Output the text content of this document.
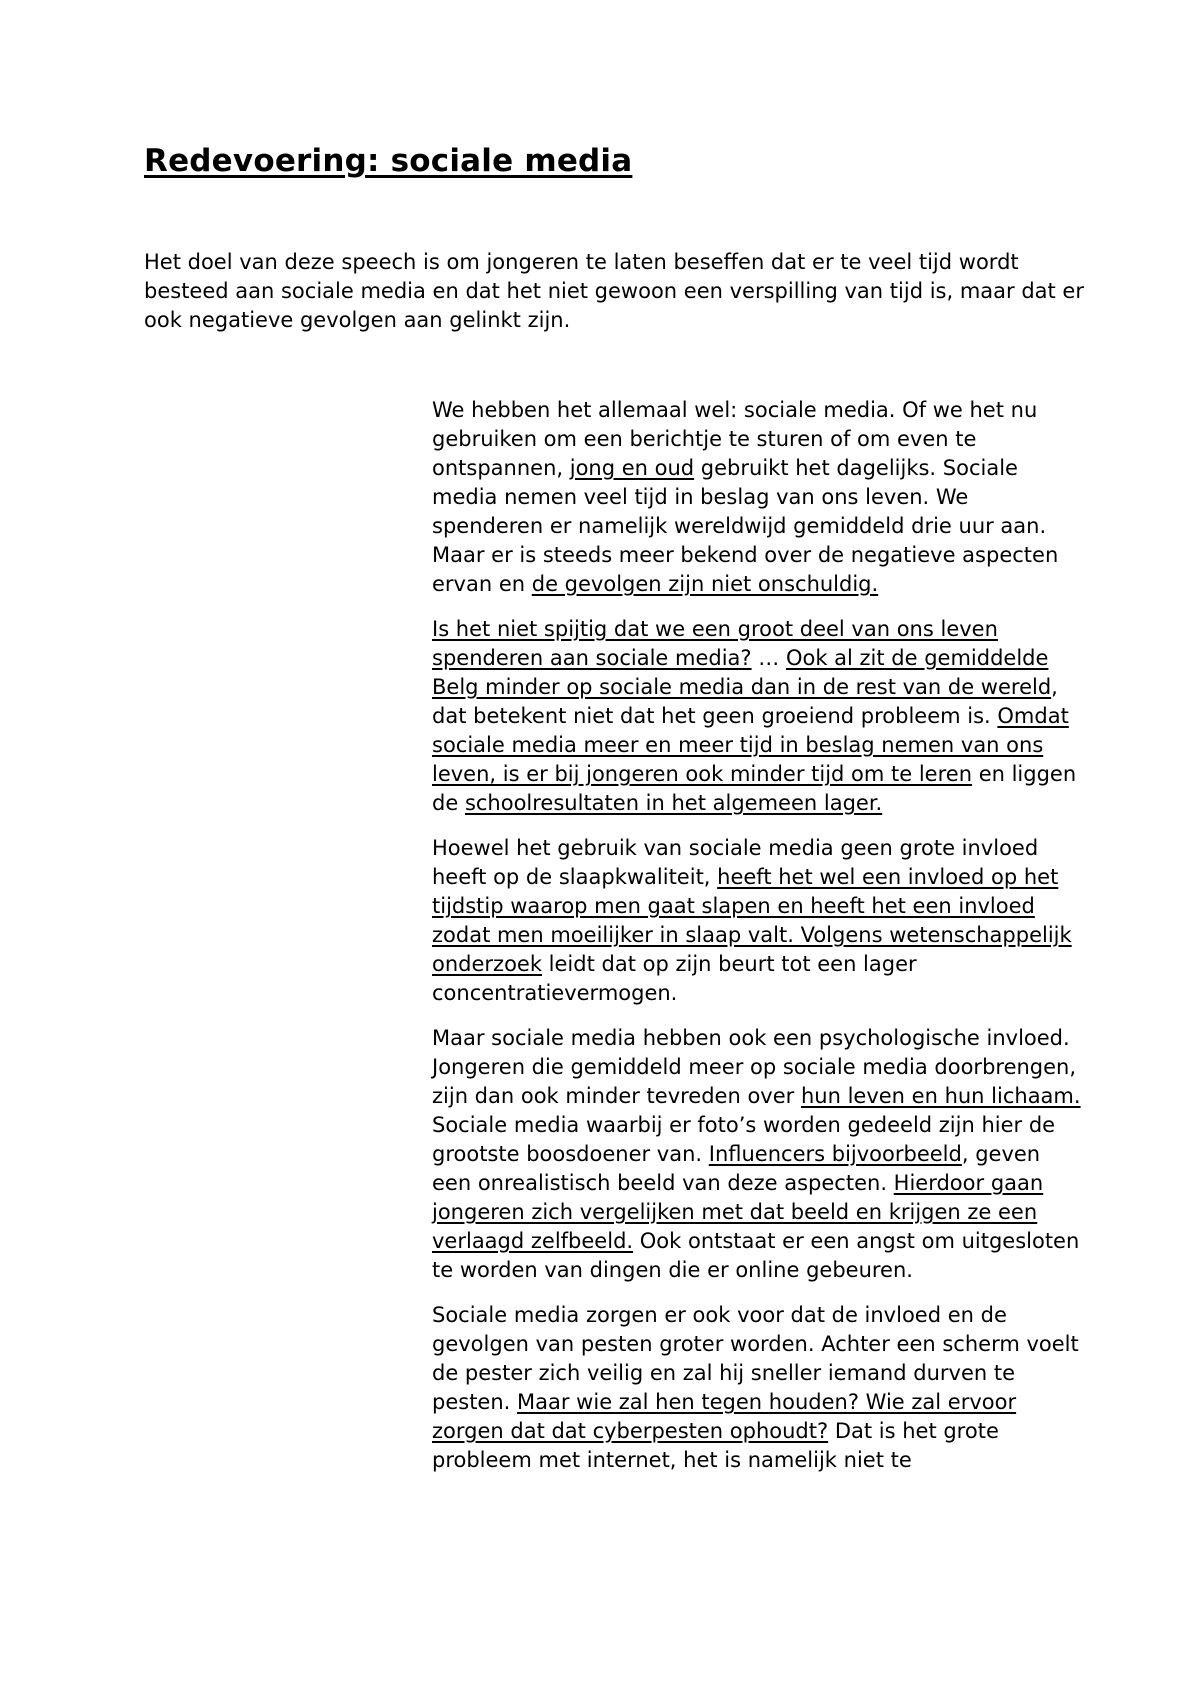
Redevoering: sociale media

Het doel van deze speech is om jongeren te laten beseffen dat er te veel tijd wordt besteed aan sociale media en dat het niet gewoon een verspilling van tijd is, maar dat er ook negatieve gevolgen aan gelinkt zijn.

We hebben het allemaal wel: sociale media. Of we het nu gebruiken om een berichtje te sturen of om even te ontspannen, jong en oud gebruikt het dagelijks. Sociale media nemen veel tijd in beslag van ons leven. We spenderen er namelijk wereldwijd gemiddeld drie uur aan. Maar er is steeds meer bekend over de negatieve aspecten ervan en de gevolgen zijn niet onschuldig.

Is het niet spijtig dat we een groot deel van ons leven spenderen aan sociale media? … Ook al zit de gemiddelde Belg minder op sociale media dan in de rest van de wereld, dat betekent niet dat het geen groeiend probleem is. Omdat sociale media meer en meer tijd in beslag nemen van ons leven, is er bij jongeren ook minder tijd om te leren en liggen de schoolresultaten in het algemeen lager.

Hoewel het gebruik van sociale media geen grote invloed heeft op de slaapkwaliteit, heeft het wel een invloed op het tijdstip waarop men gaat slapen en heeft het een invloed zodat men moeilijker in slaap valt. Volgens wetenschappelijk onderzoek leidt dat op zijn beurt tot een lager concentratievermogen.

Maar sociale media hebben ook een psychologische invloed. Jongeren die gemiddeld meer op sociale media doorbrengen, zijn dan ook minder tevreden over hun leven en hun lichaam. Sociale media waarbij er foto’s worden gedeeld zijn hier de grootste boosdoener van. Influencers bijvoorbeeld, geven een onrealistisch beeld van deze aspecten. Hierdoor gaan jongeren zich vergelijken met dat beeld en krijgen ze een verlaagd zelfbeeld. Ook ontstaat er een angst om uitgesloten te worden van dingen die er online gebeuren.

Sociale media zorgen er ook voor dat de invloed en de gevolgen van pesten groter worden. Achter een scherm voelt de pester zich veilig en zal hij sneller iemand durven te pesten. Maar wie zal hen tegen houden? Wie zal ervoor zorgen dat dat cyberpesten ophoudt? Dat is het grote probleem met internet, het is namelijk niet te
